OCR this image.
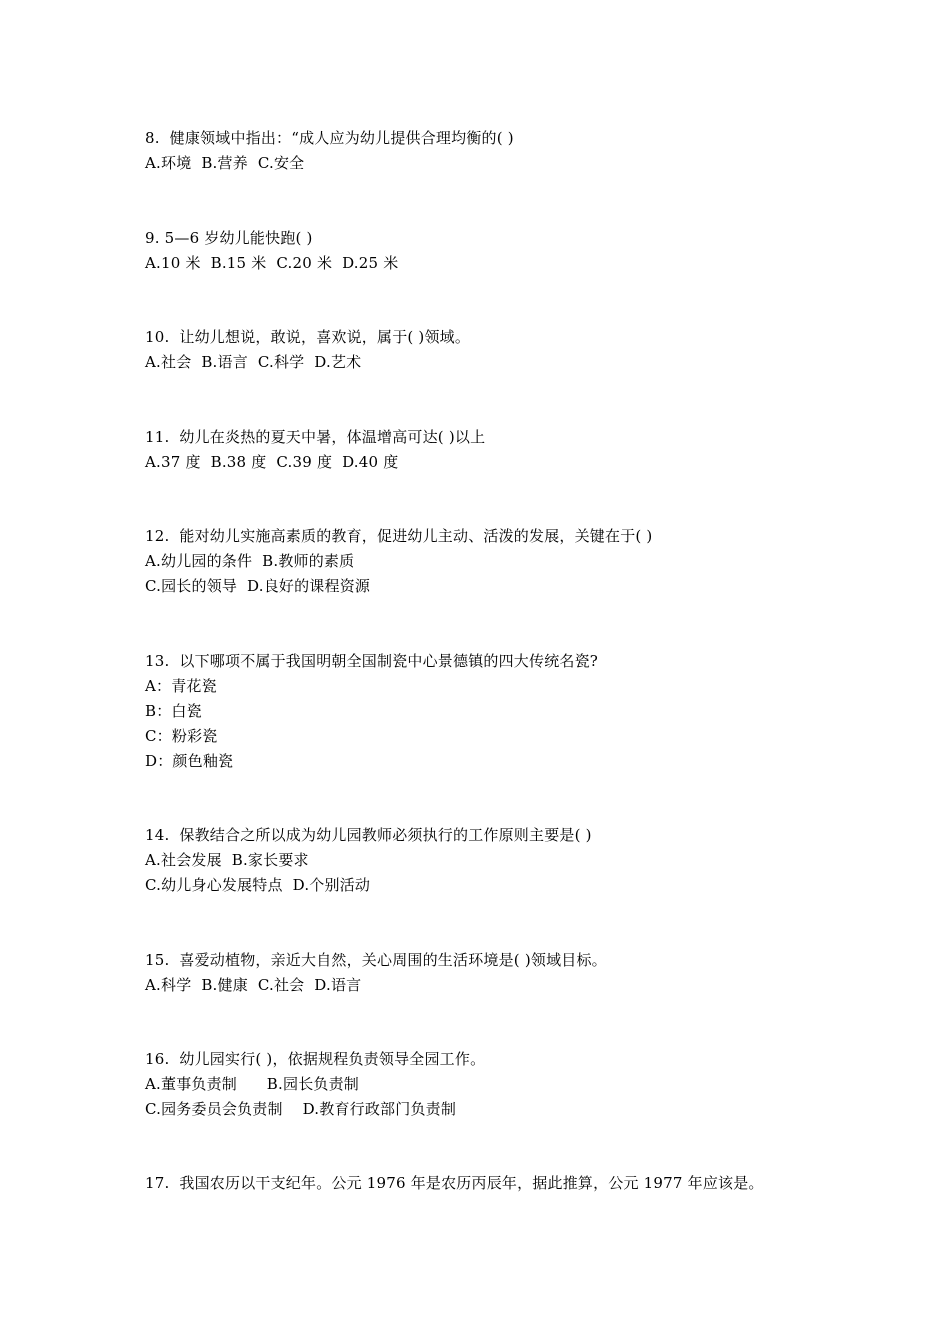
8.  健康领域中指出：“成人应为幼儿提供合理均衡的( )
A.环境  B.营养  C.安全
9. 5—6 岁幼儿能快跑( )
A.10 米  B.15 米  C.20 米  D.25 米
10.  让幼儿想说，敢说，喜欢说，属于( )领域。
A.社会  B.语言  C.科学  D.艺术
11.  幼儿在炎热的夏天中暑，体温增高可达( )以上
A.37 度  B.38 度  C.39 度  D.40 度
12.  能对幼儿实施高素质的教育，促进幼儿主动、活泼的发展，关键在于( )
A.幼儿园的条件  B.教师的素质
C.园长的领导  D.良好的课程资源
13.  以下哪项不属于我国明朝全国制瓷中心景德镇的四大传统名瓷?
A：青花瓷
B：白瓷
C：粉彩瓷
D：颜色釉瓷
14.  保教结合之所以成为幼儿园教师必须执行的工作原则主要是( )
A.社会发展  B.家长要求
C.幼儿身心发展特点  D.个别活动
15.  喜爱动植物，亲近大自然，关心周围的生活环境是( )领域目标。
A.科学  B.健康  C.社会  D.语言
16.  幼儿园实行( )，依据规程负责领导全园工作。
A.董事负责制      B.园长负责制
C.园务委员会负责制    D.教育行政部门负责制
17.  我国农历以干支纪年。公元 1976 年是农历丙辰年，据此推算，公元 1977 年应该是。
